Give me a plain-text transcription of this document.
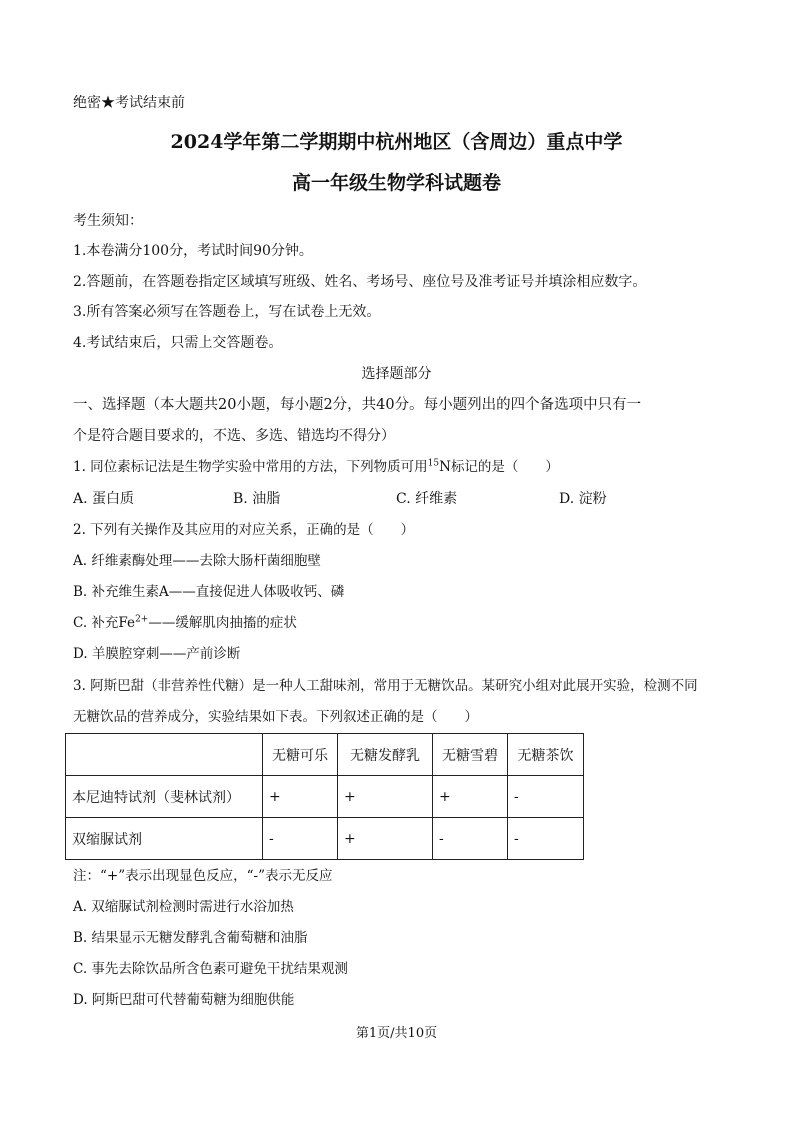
绝密★考试结束前
2024学年第二学期期中杭州地区（含周边）重点中学
高一年级生物学科试题卷
考生须知：
1.本卷满分100分，考试时间90分钟。
2.答题前，在答题卷指定区域填写班级、姓名、考场号、座位号及准考证号并填涂相应数字。
3.所有答案必须写在答题卷上，写在试卷上无效。
4.考试结束后，只需上交答题卷。
选择题部分
一、选择题（本大题共20小题，每小题2分，共40分。每小题列出的四个备选项中只有一
个是符合题目要求的，不选、多选、错选均不得分）
1. 同位素标记法是生物学实验中常用的方法，下列物质可用$^{15}$N标记的是（　　）
A. 蛋白质	B. 油脂	C. 纤维素	D. 淀粉
2. 下列有关操作及其应用的对应关系，正确的是（　　）
A. 纤维素酶处理——去除大肠杆菌细胞壁
B. 补充维生素A——直接促进人体吸收钙、磷
C. 补充$Fe^{2+}——$缓解肌肉抽搐的症状
D. 羊膜腔穿刺——产前诊断
3. 阿斯巴甜（非营养性代糖）是一种人工甜味剂，常用于无糖饮品。某研究小组对此展开实验，检测不同
无糖饮品的营养成分，实验结果如下表。下列叙述正确的是（　　）
	无糖可乐	无糖发酵乳	无糖雪碧	无糖茶饮
本尼迪特试剂（斐林试剂）	+	+	+	-
双缩脲试剂	-	+	-	-
注：“+”表示出现显色反应，“-”表示无反应
A. 双缩脲试剂检测时需进行水浴加热
B. 结果显示无糖发酵乳含葡萄糖和油脂
C. 事先去除饮品所含色素可避免干扰结果观测
D. 阿斯巴甜可代替葡萄糖为细胞供能
第1页/共10页
